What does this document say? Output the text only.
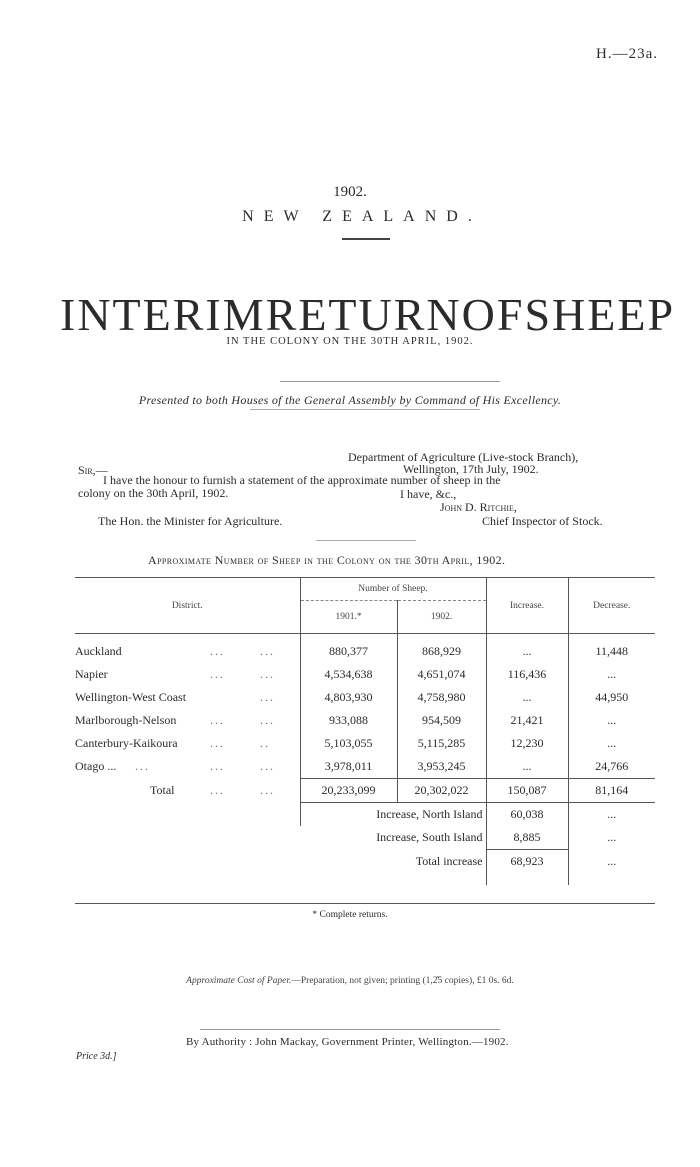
H.—23a.
1902.
NEW ZEALAND.
INTERIM RETURN OF SHEEP
IN THE COLONY ON THE 30TH APRIL, 1902.
Presented to both Houses of the General Assembly by Command of His Excellency.
Department of Agriculture (Live-stock Branch),
Wellington, 17th July, 1902.
Sir,—
I have the honour to furnish a statement of the approximate number of sheep in the
colony on the 30th April, 1902.	I have, &c.,
John D. Ritchie,
The Hon. the Minister for Agriculture.	Chief Inspector of Stock.
Approximate Number of Sheep in the Colony on the 30th April, 1902.
District.	Number of Sheep.		Increase.	Decrease.
	1901.*	1902.		

Auckland ... ...	880,377	868,929	...	11,448
Napier ... ...	4,534,638	4,651,074	116,436	...
Wellington-West Coast ...	4,803,930	4,758,980	...	44,950
Marlborough-Nelson ... ...	933,088	954,509	21,421	...
Canterbury-Kaikoura ... ..	5,103,055	5,115,285	12,230	...
Otago ... ... ... ...	3,978,011	3,953,245	...	24,766
Total ... ...	20,233,099	20,302,022	150,087	81,164
	Increase, North Island		60,038	...
	Increase, South Island		8,885	...
	Total increase		68,923	...

* Complete returns.
Approximate Cost of Paper.—Preparation, not given; printing (1,2̂5 copies), £1 0s. 6d.
By Authority : John Mackay, Government Printer, Wellington.—1902.
Price 3d.]
